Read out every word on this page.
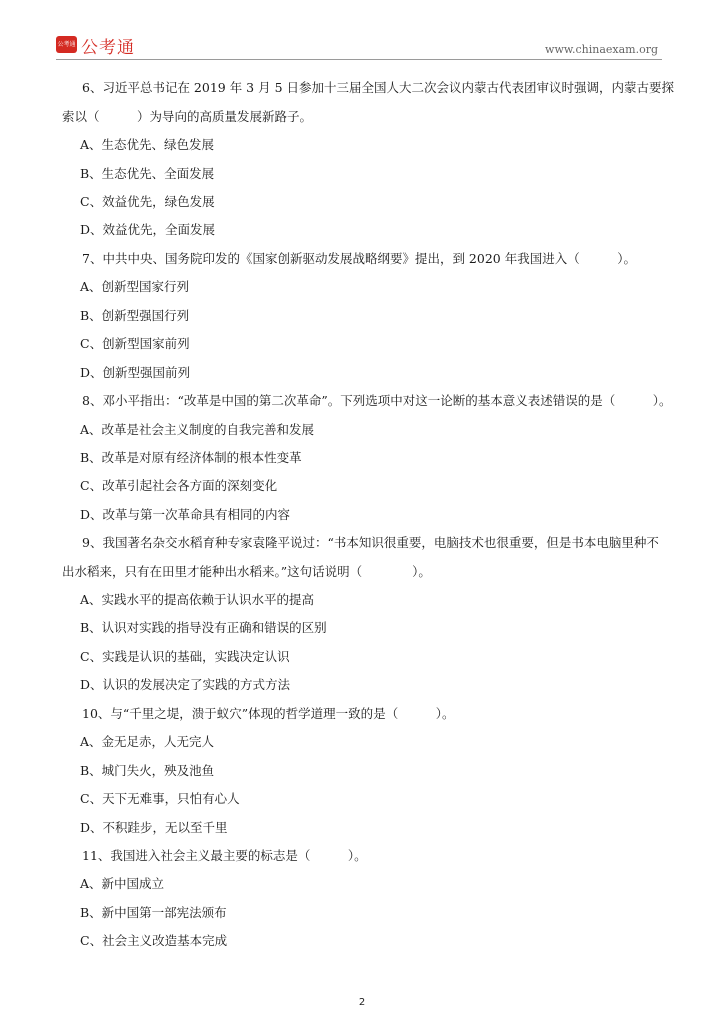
公考通 公考通	www.chinaexam.org
6、习近平总书记在 2019 年 3 月 5 日参加十三届全国人大二次会议内蒙古代表团审议时强调，内蒙古要探
索以（　　　）为导向的高质量发展新路子。
A、生态优先、绿色发展
B、生态优先、全面发展
C、效益优先，绿色发展
D、效益优先，全面发展
7、中共中央、国务院印发的《国家创新驱动发展战略纲要》提出，到 2020 年我国进入（　　　）。
A、创新型国家行列
B、创新型强国行列
C、创新型国家前列
D、创新型强国前列
8、邓小平指出：“改革是中国的第二次革命”。下列选项中对这一论断的基本意义表述错误的是（　　　）。
A、改革是社会主义制度的自我完善和发展
B、改革是对原有经济体制的根本性变革
C、改革引起社会各方面的深刻变化
D、改革与第一次革命具有相同的内容
9、我国著名杂交水稻育种专家袁隆平说过：“书本知识很重要，电脑技术也很重要，但是书本电脑里种不
出水稻来，只有在田里才能种出水稻来。”这句话说明（　　　　）。
A、实践水平的提高依赖于认识水平的提高
B、认识对实践的指导没有正确和错误的区别
C、实践是认识的基础，实践决定认识
D、认识的发展决定了实践的方式方法
10、与“千里之堤，溃于蚁穴”体现的哲学道理一致的是（　　　）。
A、金无足赤，人无完人
B、城门失火，殃及池鱼
C、天下无难事，只怕有心人
D、不积跬步，无以至千里
11、我国进入社会主义最主要的标志是（　　　）。
A、新中国成立
B、新中国第一部宪法颁布
C、社会主义改造基本完成
2
